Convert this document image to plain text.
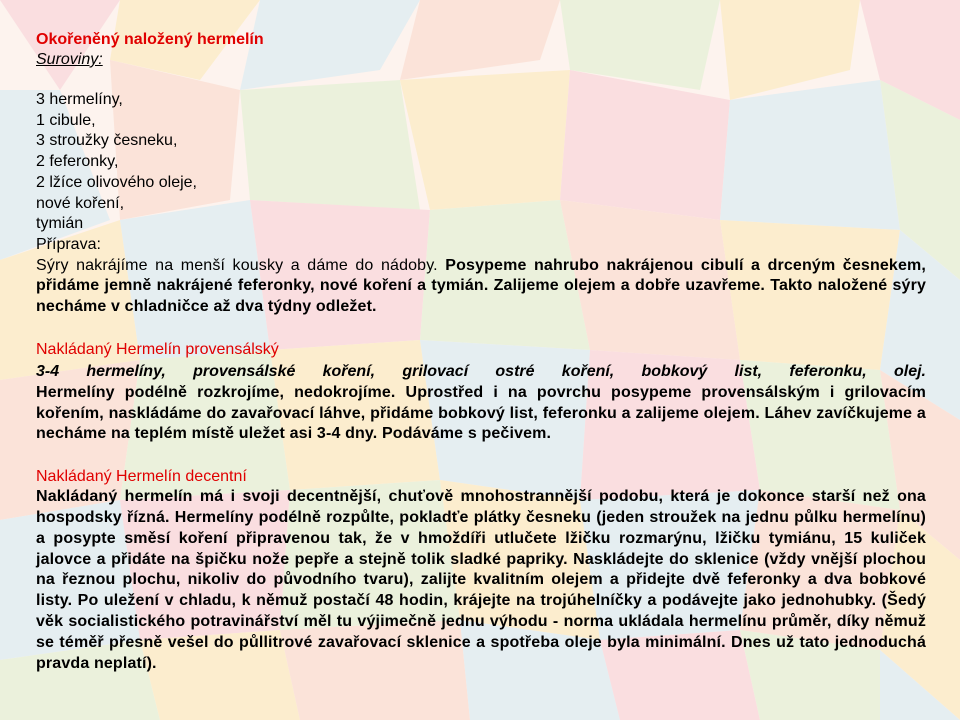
Okořeněný naložený hermelín

Suroviny:

3 hermelíny,

1 cibule,

3 stroužky česneku,

2 feferonky,

2 lžíce olivového oleje,

nové koření,

tymián

Příprava:

Sýry nakrájíme na menší kousky a dáme do nádoby. Posypeme nahrubo nakrájenou cibulí a drceným česnekem, přidáme jemně nakrájené feferonky, nové koření a tymián. Zalijeme olejem a dobře uzavřeme. Takto naložené sýry necháme v chladničce až dva týdny odležet.

Nakládaný Hermelín provensálský

3-4 hermelíny, provensálské koření, grilovací ostré koření, bobkový list, feferonku, olej.

Hermelíny podélně rozkrojíme, nedokrojíme. Uprostřed i na povrchu posypeme provensálským i grilovacím kořením, naskládáme do zavařovací láhve, přidáme bobkový list, feferonku a zalijeme olejem. Láhev zavíčkujeme a necháme na teplém místě uležet asi 3-4 dny. Podáváme s pečivem.

Nakládaný Hermelín decentní

Nakládaný hermelín má i svoji decentnější, chuťově mnohostrannější podobu, která je dokonce starší než ona hospodsky řízná. Hermelíny podélně rozpůlte, pokladťe plátky česneku (jeden stroužek na jednu půlku hermelínu) a posypte směsí koření připravenou tak, že v hmoždíři utlučete lžičku rozmarýnu, lžičku tymiánu, 15 kuliček jalovce a přidáte na špičku nože pepře a stejně tolik sladké papriky. Naskládejte do sklenice (vždy vnější plochou na řeznou plochu, nikoliv do původního tvaru), zalijte kvalitním olejem a přidejte dvě feferonky a dva bobkové listy. Po uležení v chladu, k němuž postačí 48 hodin, krájejte na trojúhelníčky a podávejte jako jednohubky. (Šedý věk socialistického potravinářství měl tu výjimečně jednu výhodu - norma ukládala hermelínu průměr, díky němuž se téměř přesně vešel do půllitrové zavařovací sklenice a spotřeba oleje byla minimální. Dnes už tato jednoduchá pravda neplatí).
